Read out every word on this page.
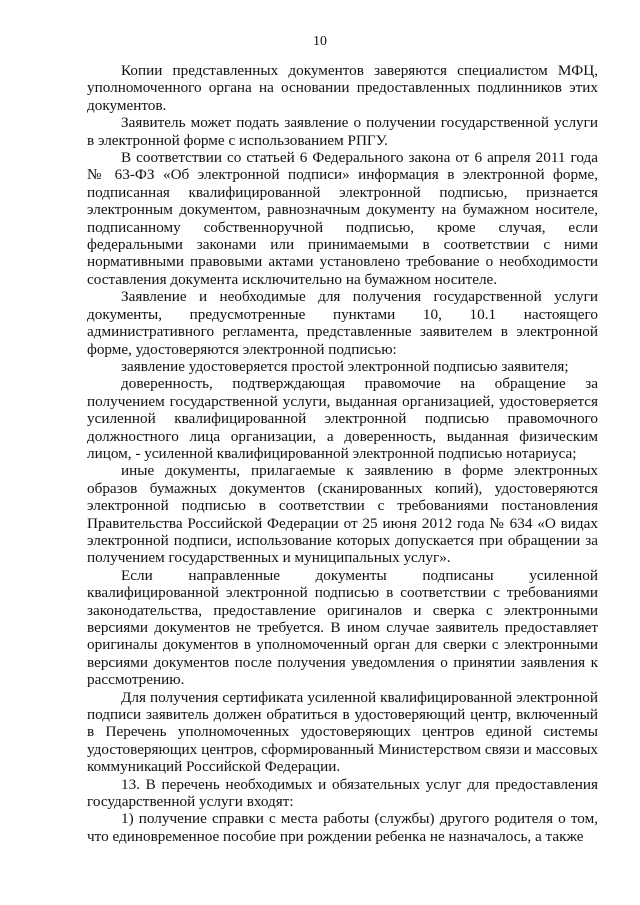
10

Копии представленных документов заверяются специалистом МФЦ, уполномоченного органа на основании предоставленных подлинников этих документов.

Заявитель может подать заявление о получении государственной услуги в электронной форме с использованием РПГУ.

В соответствии со статьей 6 Федерального закона от 6 апреля 2011 года № 63-ФЗ «Об электронной подписи» информация в электронной форме, подписанная квалифицированной электронной подписью, признается электронным документом, равнозначным документу на бумажном носителе, подписанному собственноручной подписью, кроме случая, если федеральными законами или принимаемыми в соответствии с ними нормативными правовыми актами установлено требование о необходимости составления документа исключительно на бумажном носителе.

Заявление и необходимые для получения государственной услуги документы, предусмотренные пунктами 10, 10.1 настоящего административного регламента, представленные заявителем в электронной форме, удостоверяются электронной подписью:

заявление удостоверяется простой электронной подписью заявителя;

доверенность, подтверждающая правомочие на обращение за получением государственной услуги, выданная организацией, удостоверяется усиленной квалифицированной электронной подписью правомочного должностного лица организации, а доверенность, выданная физическим лицом, - усиленной квалифицированной электронной подписью нотариуса;

иные документы, прилагаемые к заявлению в форме электронных образов бумажных документов (сканированных копий), удостоверяются электронной подписью в соответствии с требованиями постановления Правительства Российской Федерации от 25 июня 2012 года № 634 «О видах электронной подписи, использование которых допускается при обращении за получением государственных и муниципальных услуг».

Если направленные документы подписаны усиленной квалифицированной электронной подписью в соответствии с требованиями законодательства, предоставление оригиналов и сверка с электронными версиями документов не требуется. В ином случае заявитель предоставляет оригиналы документов в уполномоченный орган для сверки с электронными версиями документов после получения уведомления о принятии заявления к рассмотрению.

Для получения сертификата усиленной квалифицированной электронной подписи заявитель должен обратиться в удостоверяющий центр, включенный в Перечень уполномоченных удостоверяющих центров единой системы удостоверяющих центров, сформированный Министерством связи и массовых коммуникаций Российской Федерации.

13. В перечень необходимых и обязательных услуг для предоставления государственной услуги входят:

1) получение справки с места работы (службы) другого родителя о том, что единовременное пособие при рождении ребенка не назначалось, а также
